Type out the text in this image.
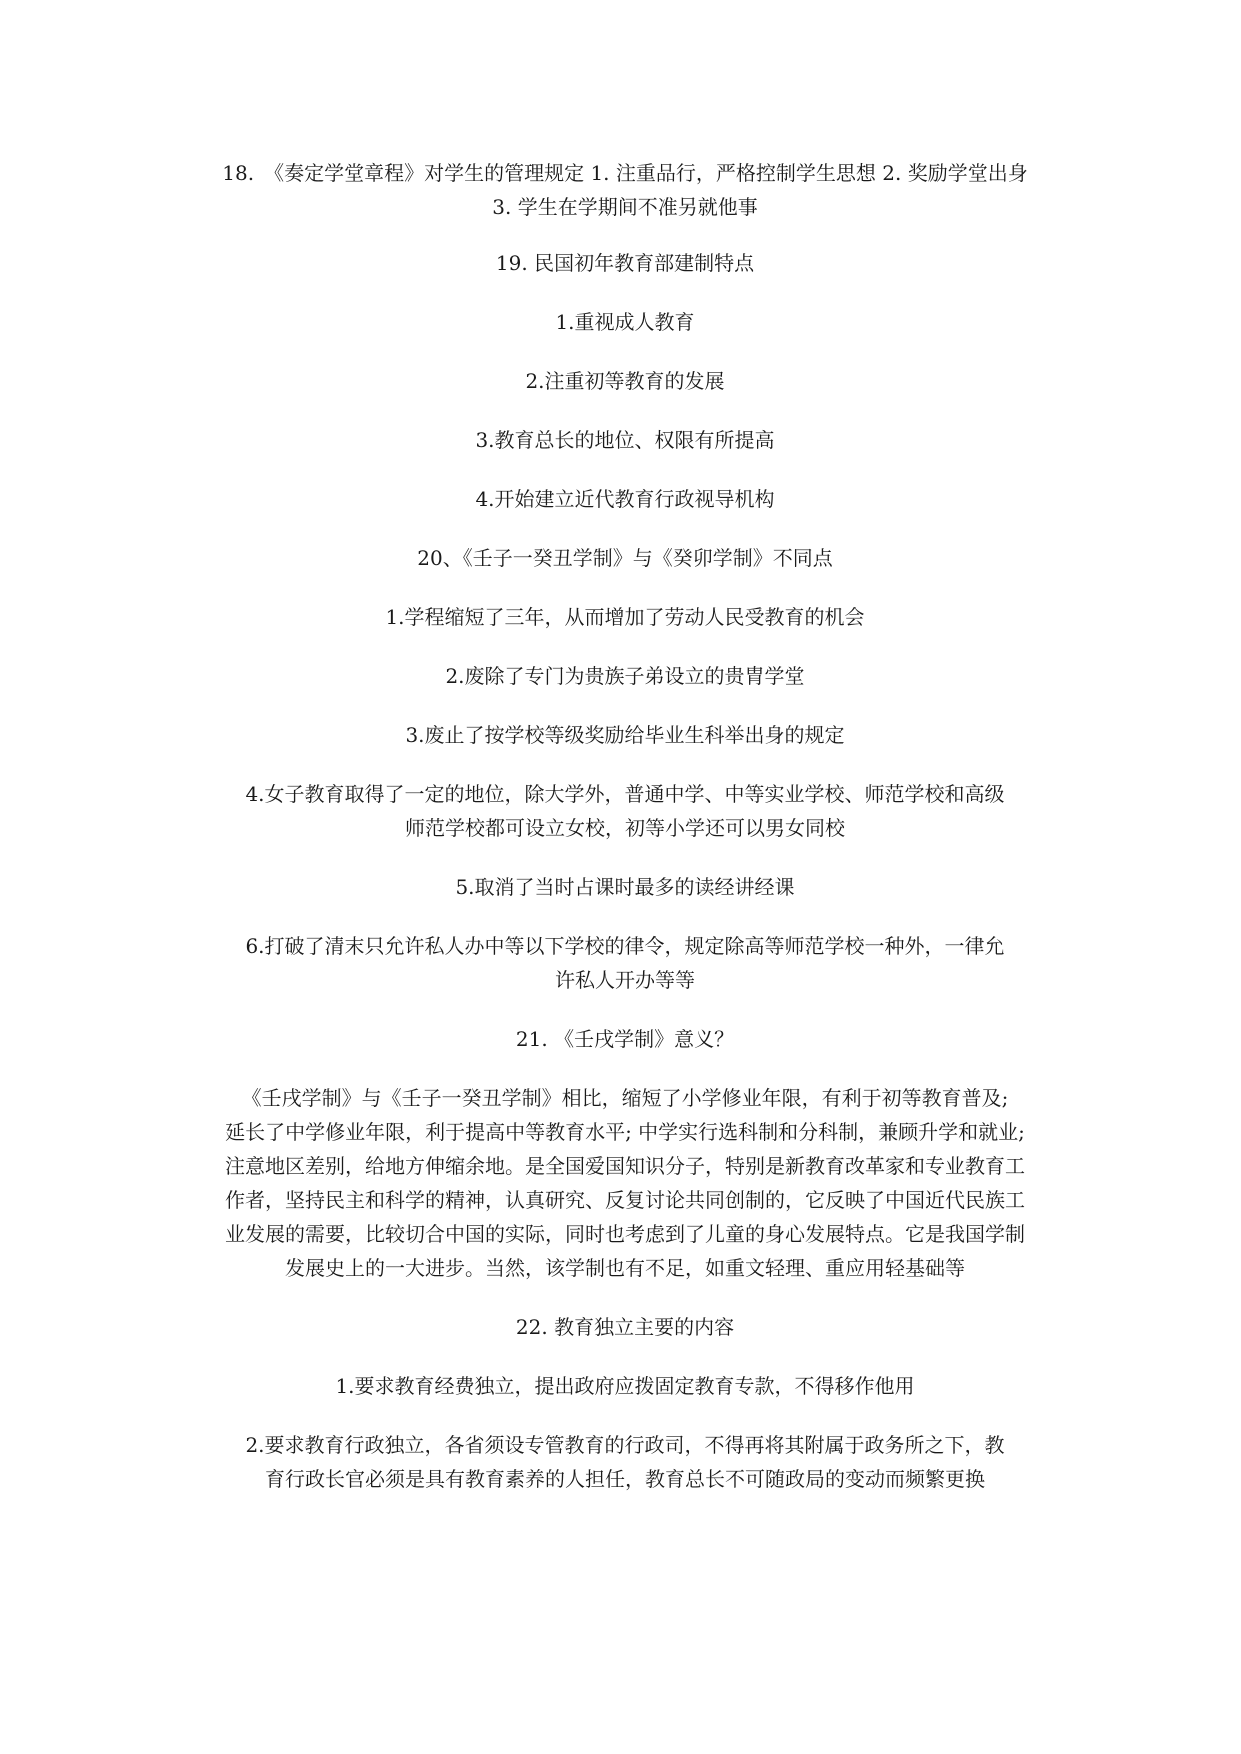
18.　《奏定学堂章程》对学生的管理规定 1. 注重品行，严格控制学生思想 2. 奖励学堂出身
3. 学生在学期间不准另就他事

19. 民国初年教育部建制特点

1.重视成人教育

2.注重初等教育的发展

3.教育总长的地位、权限有所提高

4.开始建立近代教育行政视导机构

20、《壬子一癸丑学制》与《癸卯学制》不同点

1.学程缩短了三年，从而增加了劳动人民受教育的机会

2.废除了专门为贵族子弟设立的贵胄学堂

3.废止了按学校等级奖励给毕业生科举出身的规定

4.女子教育取得了一定的地位，除大学外，普通中学、中等实业学校、师范学校和高级
师范学校都可设立女校，初等小学还可以男女同校

5.取消了当时占课时最多的读经讲经课

6.打破了清末只允许私人办中等以下学校的律令，规定除高等师范学校一种外，一律允
许私人开办等等

21. 《壬戌学制》意义？

《壬戌学制》与《壬子一癸丑学制》相比，缩短了小学修业年限，有利于初等教育普及;
延长了中学修业年限，利于提高中等教育水平; 中学实行选科制和分科制，兼顾升学和就业;
注意地区差别，给地方伸缩余地。是全国爱国知识分子，特别是新教育改革家和专业教育工
作者，坚持民主和科学的精神，认真研究、反复讨论共同创制的，它反映了中国近代民族工
业发展的需要，比较切合中国的实际，同时也考虑到了儿童的身心发展特点。它是我国学制
发展史上的一大进步。当然，该学制也有不足，如重文轻理、重应用轻基础等

22. 教育独立主要的内容

1.要求教育经费独立，提出政府应拨固定教育专款，不得移作他用

2.要求教育行政独立，各省须设专管教育的行政司，不得再将其附属于政务所之下，教
育行政长官必须是具有教育素养的人担任，教育总长不可随政局的变动而频繁更换
